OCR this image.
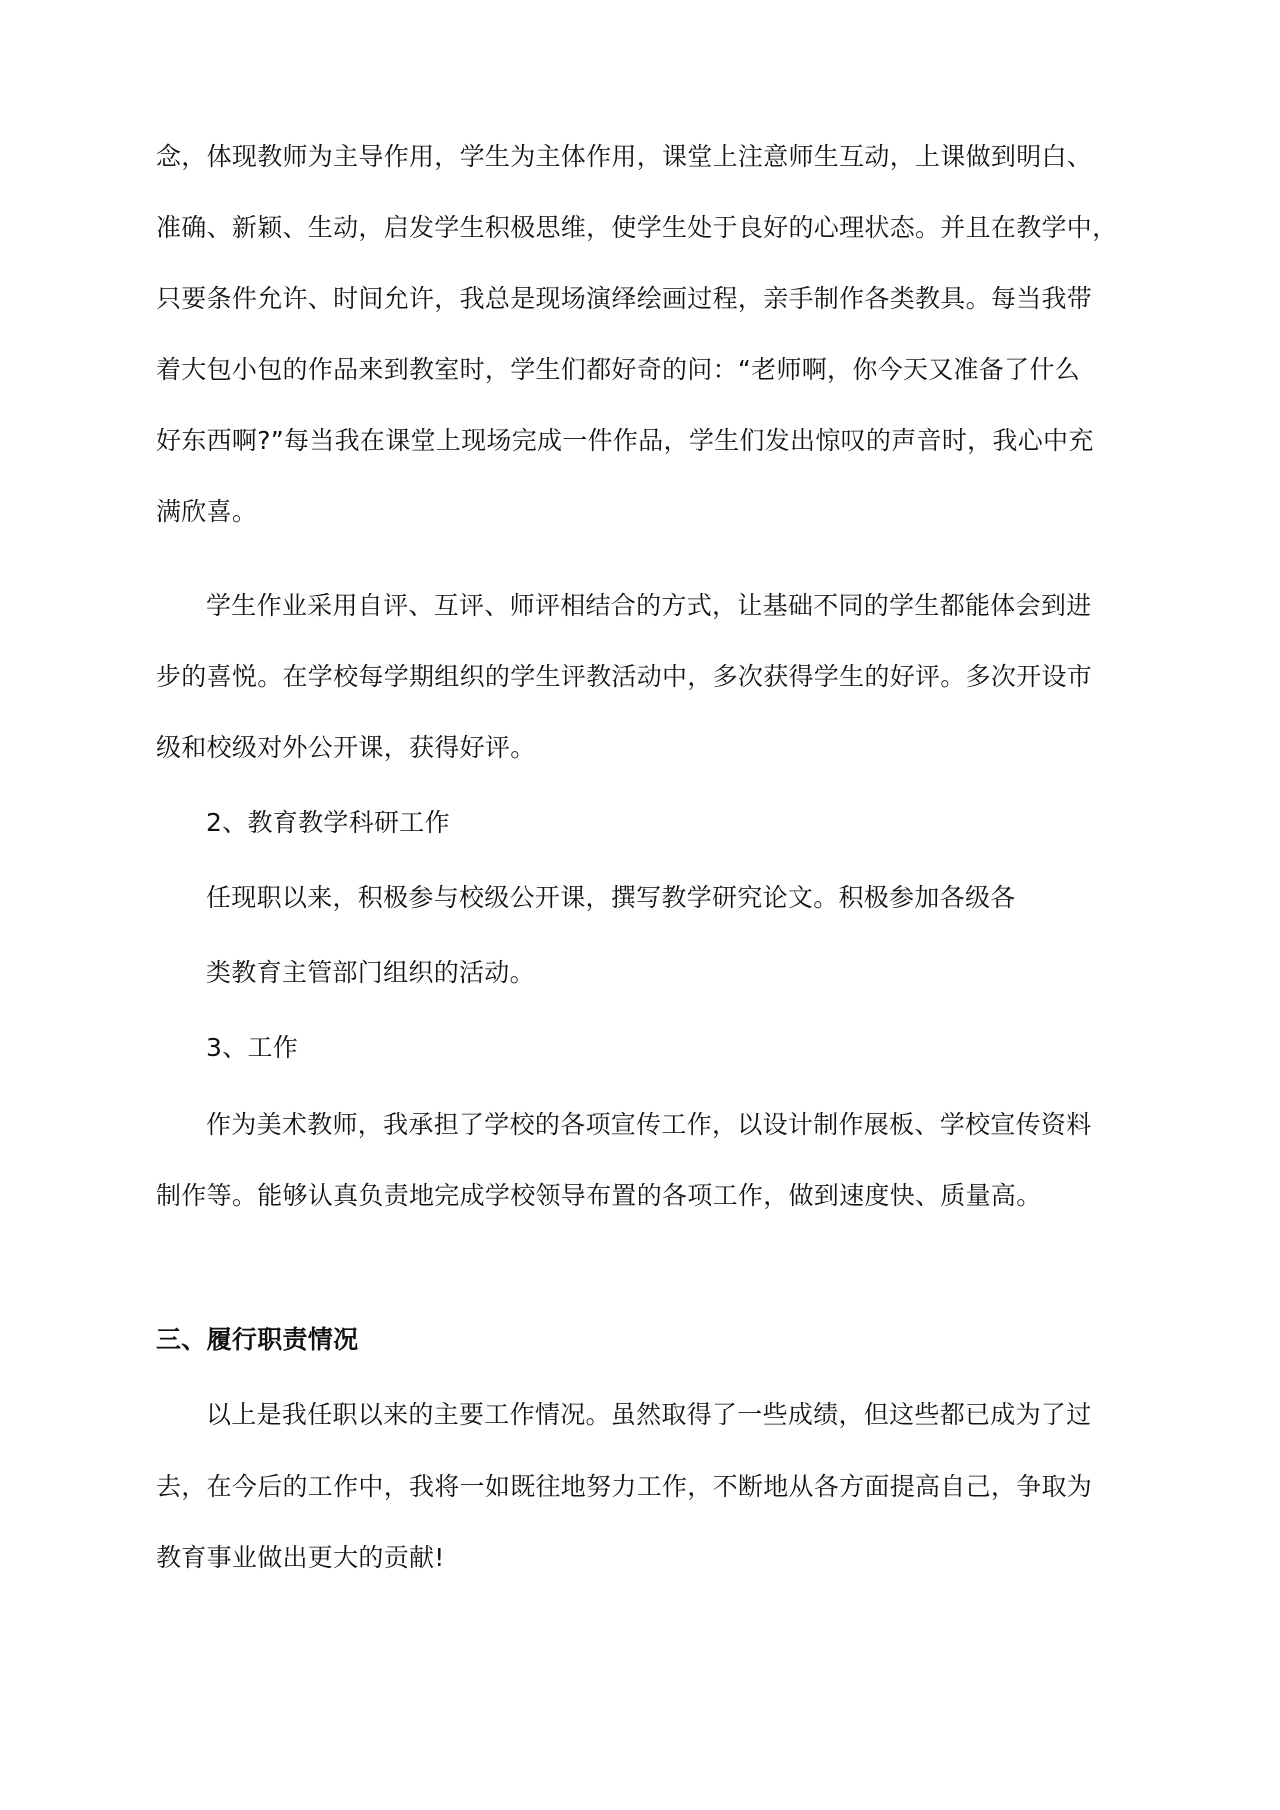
念，体现教师为主导作用，学生为主体作用，课堂上注意师生互动，上课做到明白、
准确、新颖、生动，启发学生积极思维，使学生处于良好的心理状态。并且在教学中，
只要条件允许、时间允许，我总是现场演绎绘画过程，亲手制作各类教具。每当我带
着大包小包的作品来到教室时，学生们都好奇的问：“老师啊，你今天又准备了什么
好东西啊?”每当我在课堂上现场完成一件作品，学生们发出惊叹的声音时，我心中充
满欣喜。
学生作业采用自评、互评、师评相结合的方式，让基础不同的学生都能体会到进
步的喜悦。在学校每学期组织的学生评教活动中，多次获得学生的好评。多次开设市
级和校级对外公开课，获得好评。
2、教育教学科研工作
任现职以来，积极参与校级公开课，撰写教学研究论文。积极参加各级各
类教育主管部门组织的活动。
3、工作
作为美术教师，我承担了学校的各项宣传工作，以设计制作展板、学校宣传资料
制作等。能够认真负责地完成学校领导布置的各项工作，做到速度快、质量高。
三、履行职责情况
以上是我任职以来的主要工作情况。虽然取得了一些成绩，但这些都已成为了过
去，在今后的工作中，我将一如既往地努力工作，不断地从各方面提高自己，争取为
教育事业做出更大的贡献!
